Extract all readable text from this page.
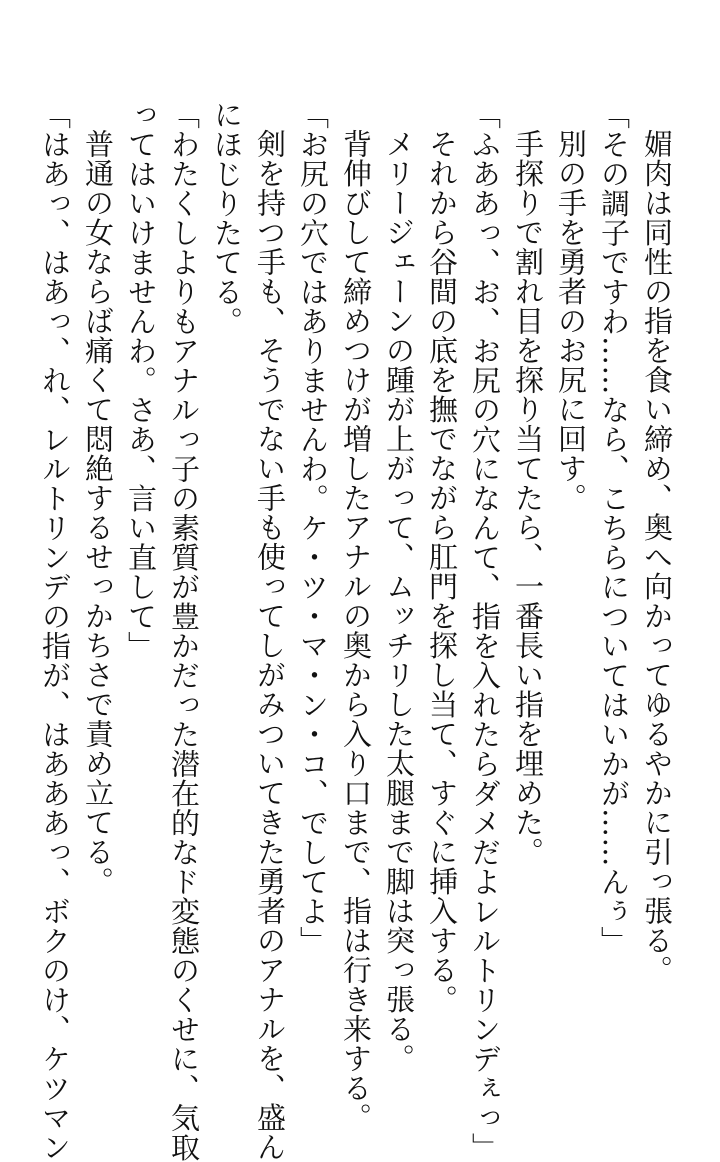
媚肉は同性の指を食い締め、奥へ向かってゆるやかに引っ張る。
「その調子ですわ……なら、こちらについてはいかが……んぅ」
別の手を勇者のお尻に回す。
手探りで割れ目を探り当てたら、一番長い指を埋めた。
「ふああっ、お、お尻の穴になんて、指を入れたらダメだよレルトリンデぇっ」
それから谷間の底を撫でながら肛門を探し当て、すぐに挿入する。
メリージェーンの踵が上がって、ムッチリした太腿まで脚は突っ張る。
背伸びして締めつけが増したアナルの奥から入り口まで、指は行き来する。
「お尻の穴ではありませんわ。ケ・ツ・マ・ン・コ、でしてよ」
剣を持つ手も、そうでない手も使ってしがみついてきた勇者のアナルを、盛ん
にほじりたてる。
「わたくしよりもアナルっ子の素質が豊かだった潜在的なド変態のくせに、気取
ってはいけませんわ。さあ、言い直して」
普通の女ならば痛くて悶絶するせっかちさで責め立てる。
「はあっ、はあっ、れ、レルトリンデの指が、はあああっ、ボクのけ、ケツマン
